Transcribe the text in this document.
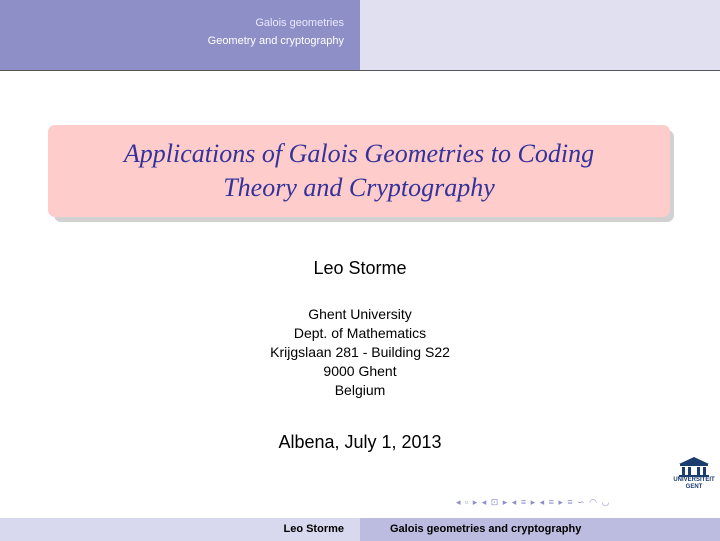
Galois geometries
Geometry and cryptography
Applications of Galois Geometries to Coding
Theory and Cryptography
Leo Storme
Ghent University
Dept. of Mathematics
Krijgslaan 281 - Building S22
9000 Ghent
Belgium
Albena, July 1, 2013
UNIVERSITEIT
GENT
◂ ▫ ▸ ◂ ⊡ ▸ ◂ ≡ ▸ ◂ ≡ ▸ ≡ ∽ ◠ ◡
Leo Storme	Galois geometries and cryptography
